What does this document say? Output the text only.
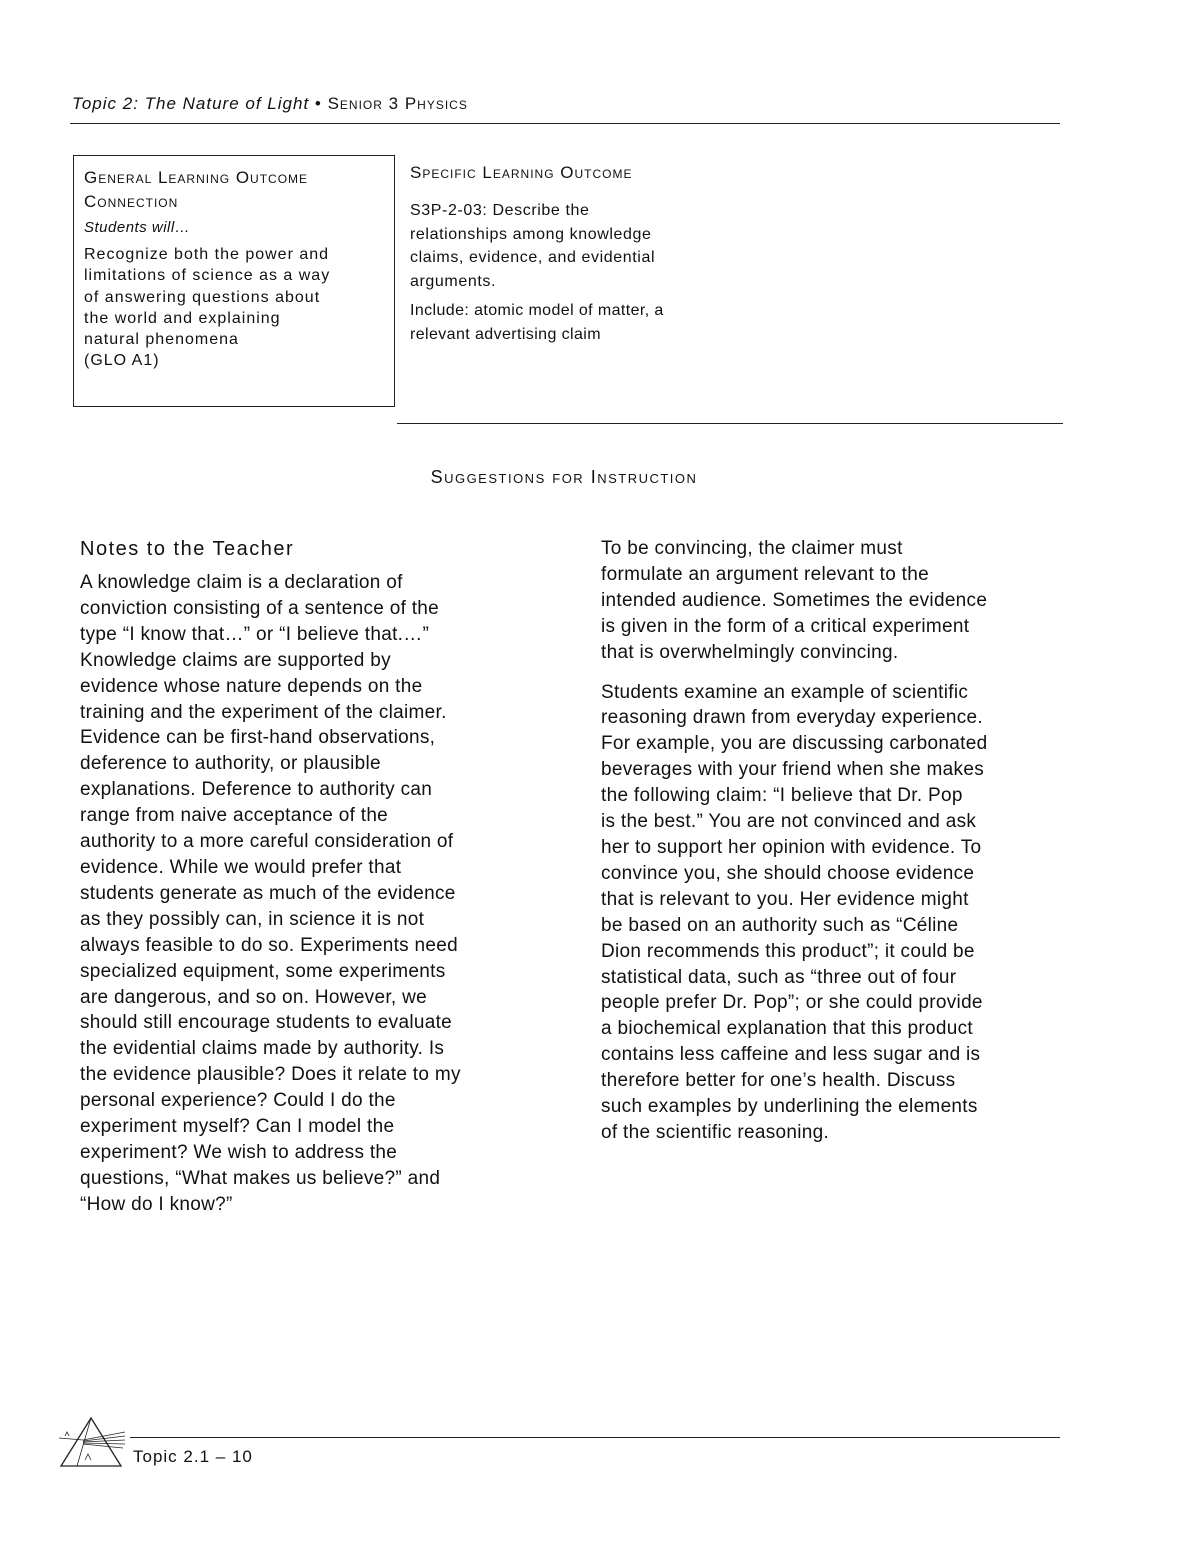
Topic 2: The Nature of Light • Senior 3 Physics
General Learning Outcome
Connection
Students will…
Recognize both the power and
limitations of science as a way
of answering questions about
the world and explaining
natural phenomena
(GLO A1)
Specific Learning Outcome
S3P-2-03: Describe the
relationships among knowledge
claims, evidence, and evidential
arguments.
Include: atomic model of matter, a
relevant advertising claim
Suggestions for Instruction
Notes to the Teacher

A knowledge claim is a declaration of
conviction consisting of a sentence of the
type “I know that…” or “I believe that.…”
Knowledge claims are supported by
evidence whose nature depends on the
training and the experiment of the claimer.
Evidence can be first-hand observations,
deference to authority, or plausible
explanations. Deference to authority can
range from naive acceptance of the
authority to a more careful consideration of
evidence. While we would prefer that
students generate as much of the evidence
as they possibly can, in science it is not
always feasible to do so. Experiments need
specialized equipment, some experiments
are dangerous, and so on. However, we
should still encourage students to evaluate
the evidential claims made by authority. Is
the evidence plausible? Does it relate to my
personal experience? Could I do the
experiment myself? Can I model the
experiment? We wish to address the
questions, “What makes us believe?” and
“How do I know?”

To be convincing, the claimer must
formulate an argument relevant to the
intended audience. Sometimes the evidence
is given in the form of a critical experiment
that is overwhelmingly convincing.

Students examine an example of scientific
reasoning drawn from everyday experience.
For example, you are discussing carbonated
beverages with your friend when she makes
the following claim: “I believe that Dr. Pop
is the best.” You are not convinced and ask
her to support her opinion with evidence. To
convince you, she should choose evidence
that is relevant to you. Her evidence might
be based on an authority such as “Céline
Dion recommends this product”; it could be
statistical data, such as “three out of four
people prefer Dr. Pop”; or she could provide
a biochemical explanation that this product
contains less caffeine and less sugar and is
therefore better for one’s health. Discuss
such examples by underlining the elements
of the scientific reasoning.

Topic 2.1 – 10
